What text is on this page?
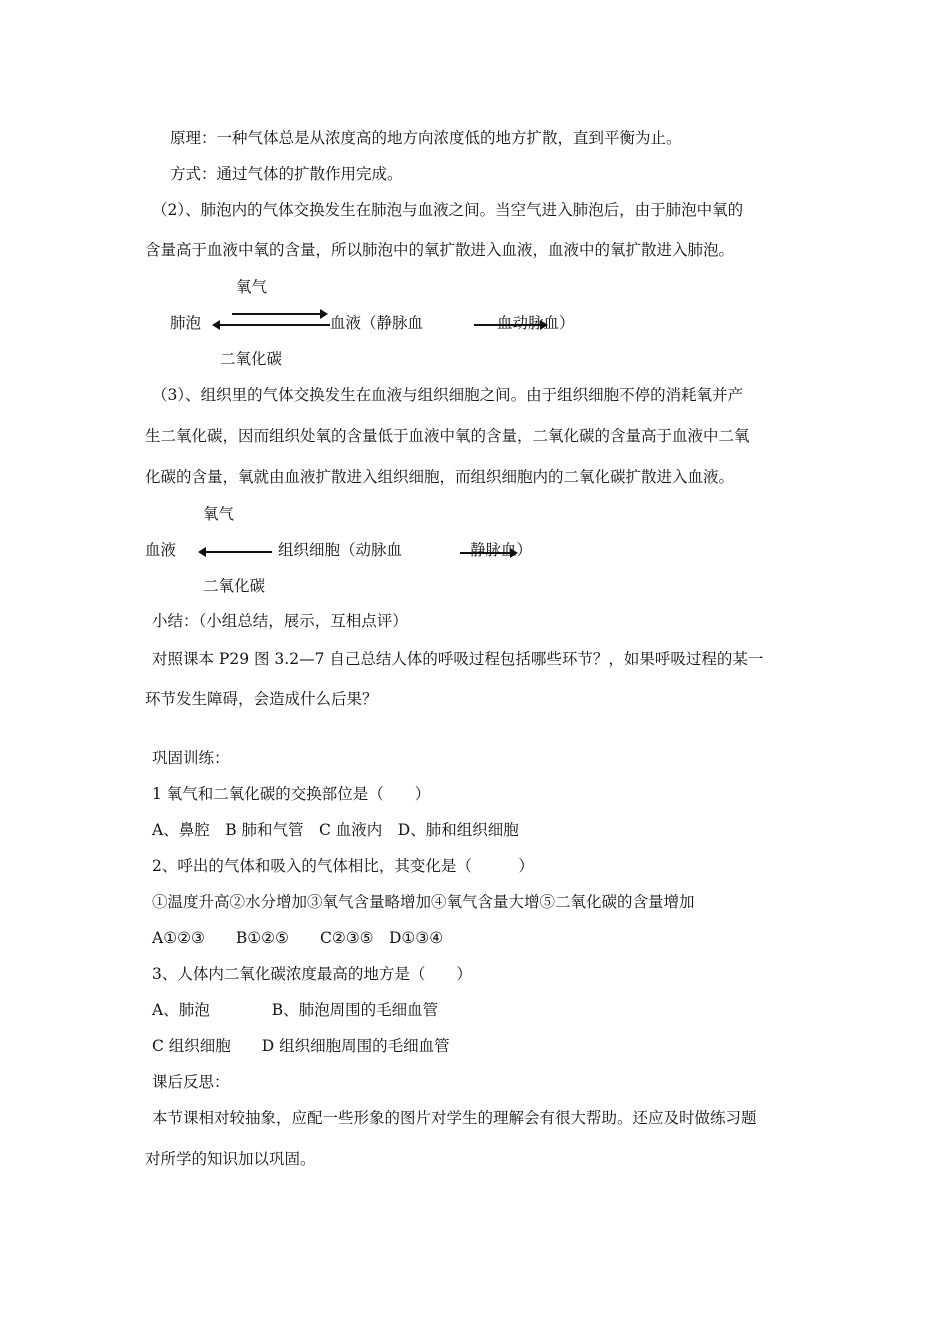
原理：一种气体总是从浓度高的地方向浓度低的地方扩散，直到平衡为止。
方式：通过气体的扩散作用完成。
（2）、肺泡内的气体交换发生在肺泡与血液之间。当空气进入肺泡后，由于肺泡中氧的
含量高于血液中氧的含量，所以肺泡中的氧扩散进入血液，血液中的氧扩散进入肺泡。
氧气
肺泡	血液（静脉血	血动脉血）
二氧化碳
（3）、组织里的气体交换发生在血液与组织细胞之间。由于组织细胞不停的消耗氧并产
生二氧化碳，因而组织处氧的含量低于血液中氧的含量，二氧化碳的含量高于血液中二氧
化碳的含量，氧就由血液扩散进入组织细胞，而组织细胞内的二氧化碳扩散进入血液。
氧气
血液	组织细胞（动脉血	静脉血）
二氧化碳
小结：（小组总结，展示，互相点评）
对照课本 P29 图 3.2—7 自己总结人体的呼吸过程包括哪些环节？，如果呼吸过程的某一
环节发生障碍，会造成什么后果？
巩固训练：
1 氧气和二氧化碳的交换部位是（　　）
A、鼻腔　B 肺和气管　C 血液内　D、肺和组织细胞
2、呼出的气体和吸入的气体相比，其变化是（　　　）
①温度升高②水分增加③氧气含量略增加④氧气含量大增⑤二氧化碳的含量增加
A①②③　　B①②⑤　　C②③⑤　D①③④
3、人体内二氧化碳浓度最高的地方是（　　）
A、肺泡　　　　B、肺泡周围的毛细血管
C 组织细胞　　D 组织细胞周围的毛细血管
课后反思：
本节课相对较抽象，应配一些形象的图片对学生的理解会有很大帮助。还应及时做练习题
对所学的知识加以巩固。
